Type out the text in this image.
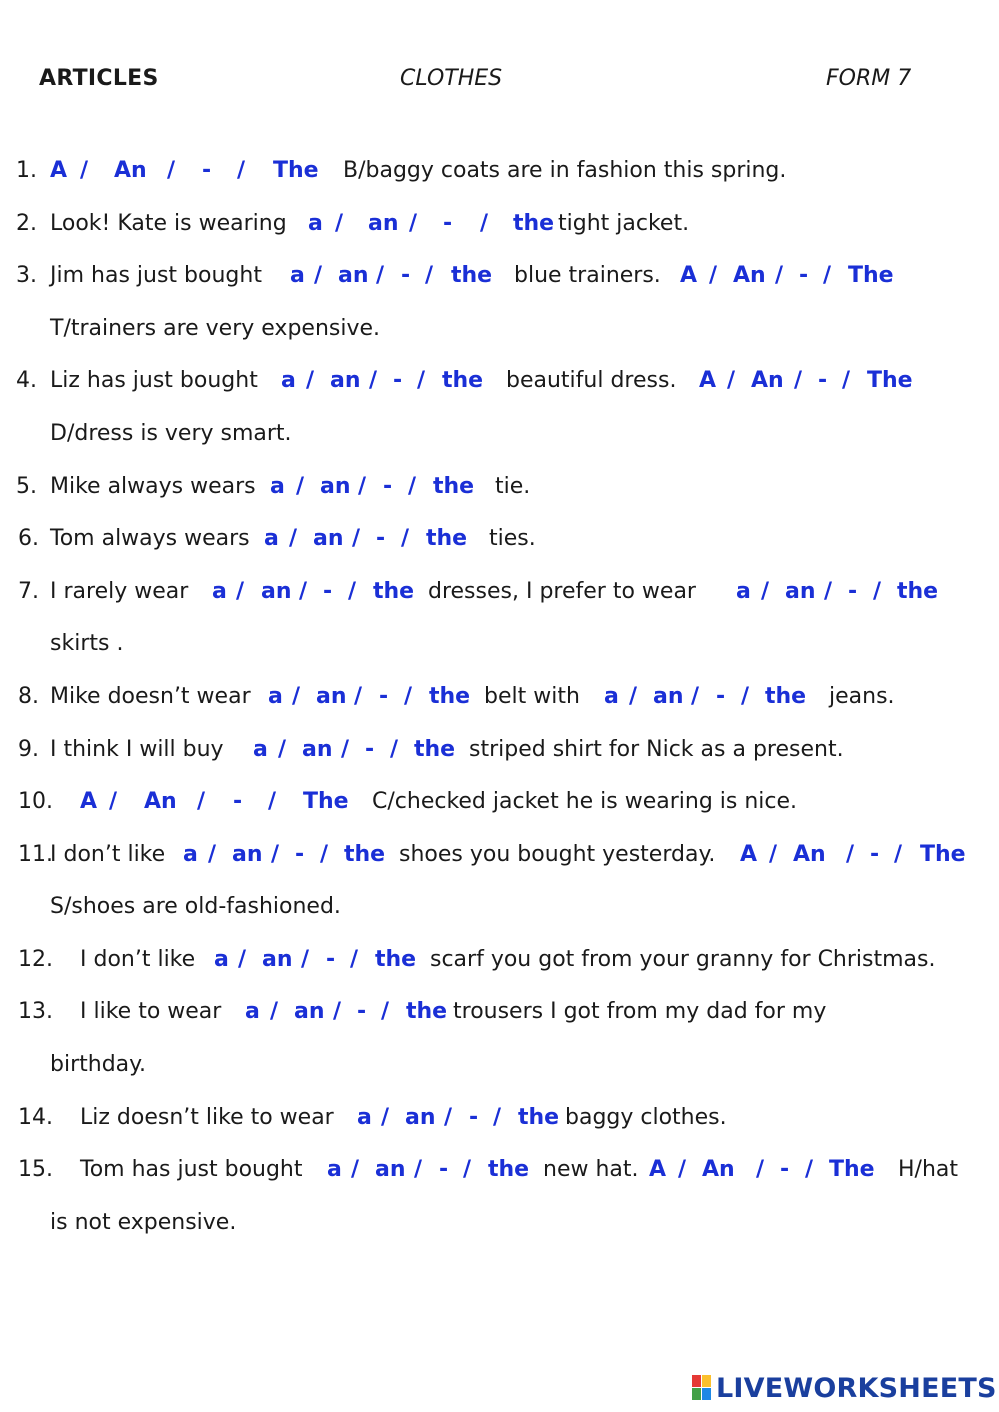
ARTICLES	CLOTHES	FORM 7
1. A / An / - / The B/baggy coats are in fashion this spring.
2. Look! Kate is wearing a / an / - / the tight jacket.
3. Jim has just bought a / an / - / the blue trainers. A / An / - / The
T/trainers are very expensive.
4. Liz has just bought a / an / - / the beautiful dress. A / An / - / The
D/dress is very smart.
5. Mike always wears a / an / - / the tie.
6. Tom always wears a / an / - / the ties.
7. I rarely wear a / an / - / the dresses, I prefer to wear a / an / - / the
skirts .
8. Mike doesn’t wear a / an / - / the belt with a / an / - / the jeans.
9. I think I will buy a / an / - / the striped shirt for Nick as a present.
10. A / An / - / The C/checked jacket he is wearing is nice.
11.
I don’t like a / an / - / the shoes you bought yesterday. A / An / - / The
S/shoes are old-fashioned.
12. I don’t like a / an / - / the scarf you got from your granny for Christmas.
13. I like to wear a / an / - / the trousers I got from my dad for my
birthday.
14. Liz doesn’t like to wear a / an / - / the baggy clothes.
15. Tom has just bought a / an / - / the new hat. A / An / - / The H/hat
is not expensive.
LIVEWORKSHEETS
